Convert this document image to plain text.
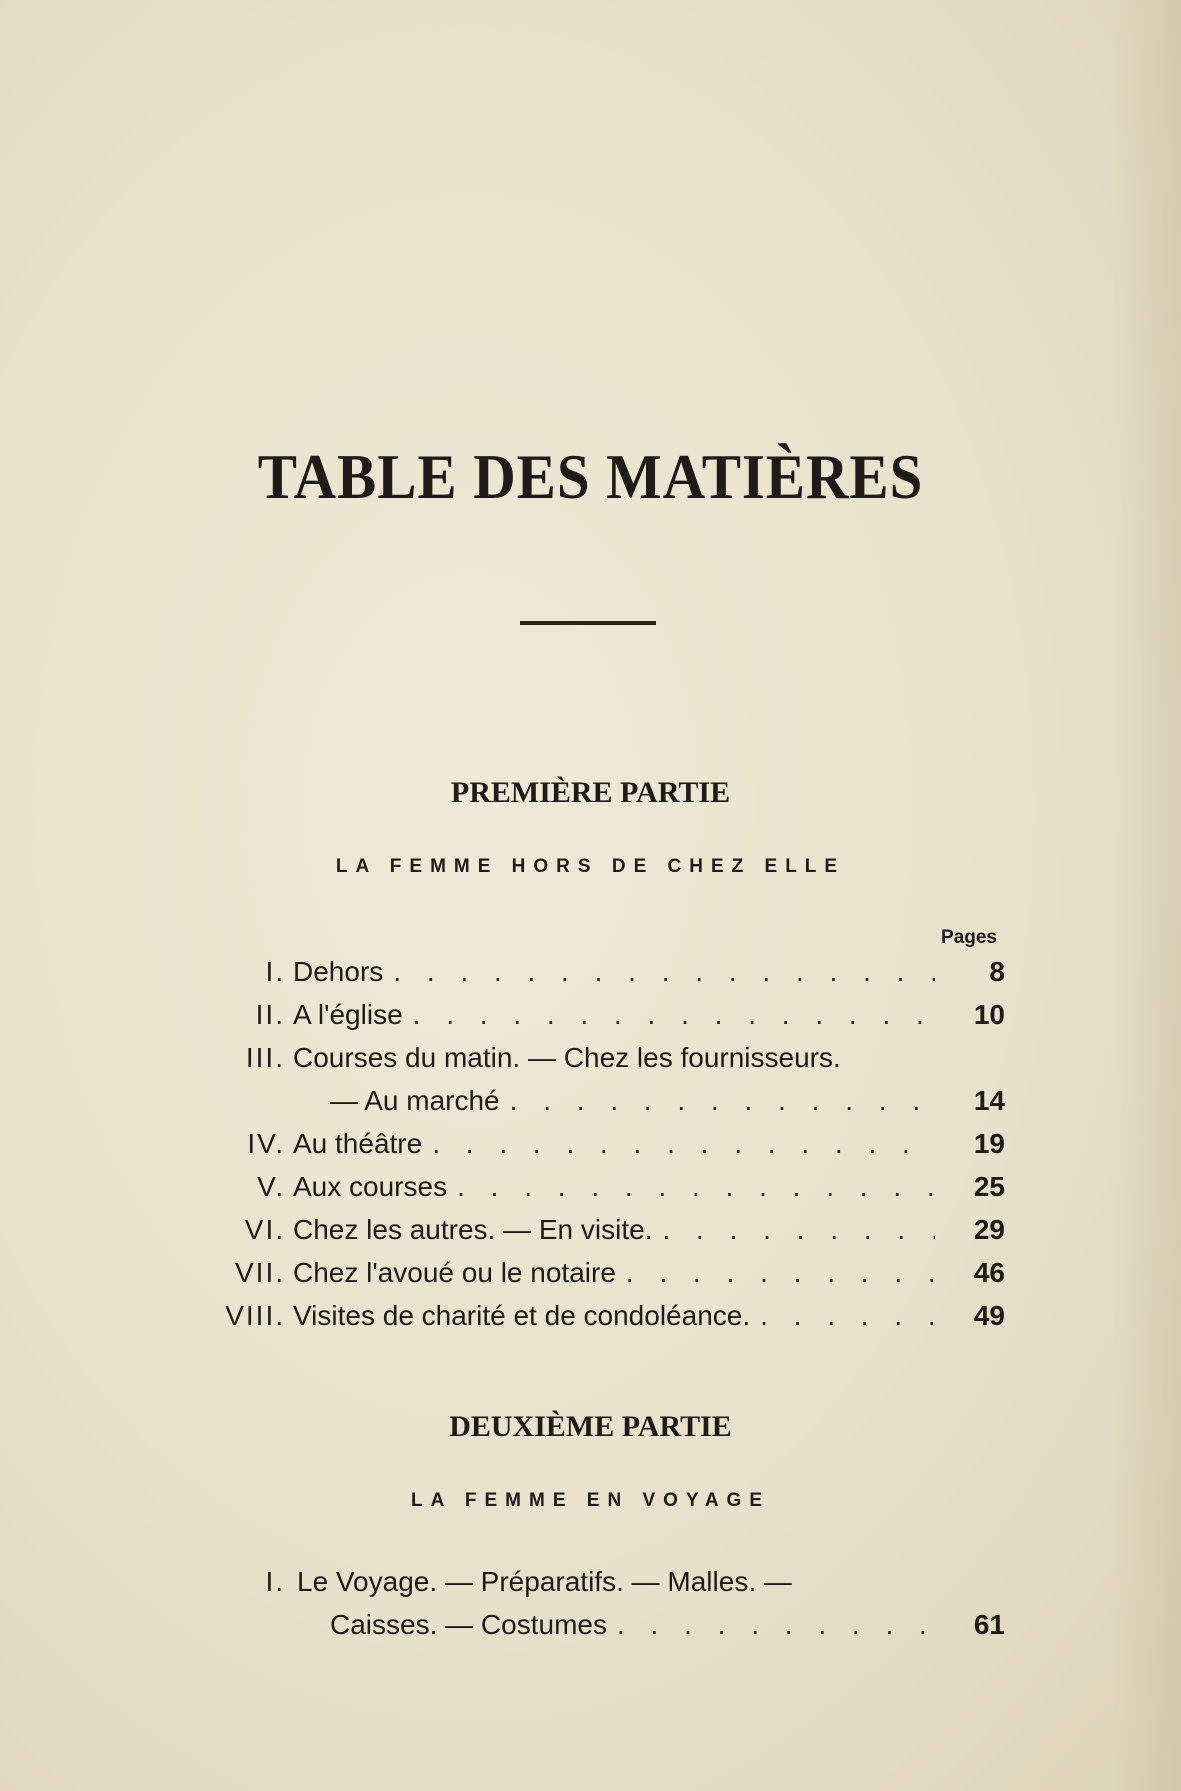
TABLE DES MATIÈRES
PREMIÈRE PARTIE
LA FEMME HORS DE CHEZ ELLE
Pages
I. Dehors . . .	8
II. A l'église . . .	10
III. Courses du matin. — Chez les fournisseurs.
— Au marché . . .	14
IV. Au théâtre . . .	19
V. Aux courses . . .	25
VI. Chez les autres. — En visite. . . .	29
VII. Chez l'avoué ou le notaire . . .	46
VIII. Visites de charité et de condoléance. . . .	49
DEUXIÈME PARTIE
LA FEMME EN VOYAGE
I. Le Voyage. — Préparatifs. — Malles. —
Caisses. — Costumes . . .	61
